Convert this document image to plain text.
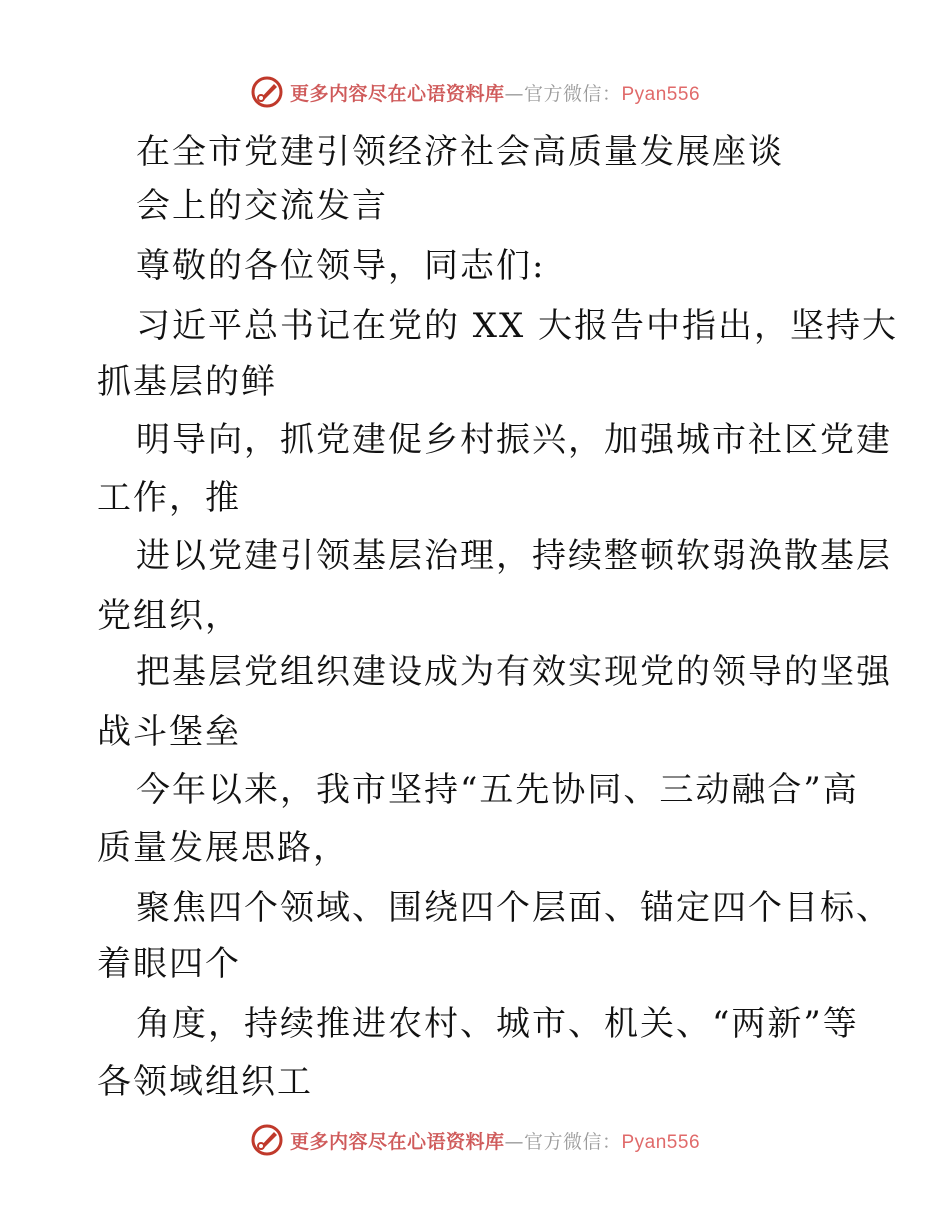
更多内容尽在心语资料库—官方微信：Pyan556
在全市党建引领经济社会高质量发展座谈
会上的交流发言
尊敬的各位领导，同志们:
习近平总书记在党的 XX 大报告中指出，坚持大
抓基层的鲜
明导向，抓党建促乡村振兴，加强城市社区党建
工作，推
进以党建引领基层治理，持续整顿软弱涣散基层
党组织，
把基层党组织建设成为有效实现党的领导的坚强
战斗堡垒
今年以来，我市坚持“五先协同、三动融合”高
质量发展思路，
聚焦四个领域、围绕四个层面、锚定四个目标、
着眼四个
角度，持续推进农村、城市、机关、“两新”等
各领域组织工
更多内容尽在心语资料库—官方微信：Pyan556
